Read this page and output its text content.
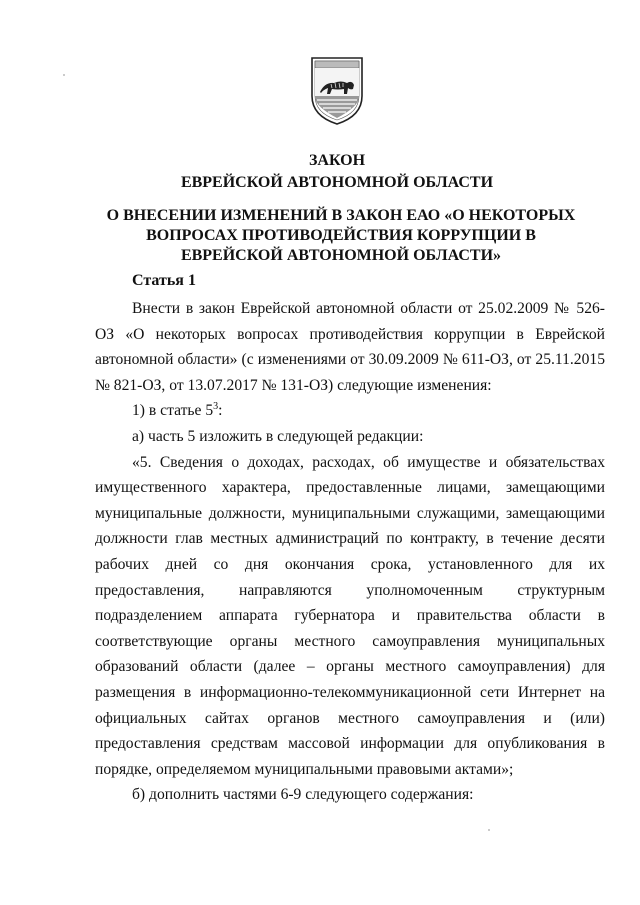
ЗАКОН
ЕВРЕЙСКОЙ АВТОНОМНОЙ ОБЛАСТИ
О ВНЕСЕНИИ ИЗМЕНЕНИЙ В ЗАКОН ЕАО «О НЕКОТОРЫХ ВОПРОСАХ ПРОТИВОДЕЙСТВИЯ КОРРУПЦИИ В ЕВРЕЙСКОЙ АВТОНОМНОЙ ОБЛАСТИ»
Статья 1

Внести в закон Еврейской автономной области от 25.02.2009 № 526-ОЗ «О некоторых вопросах противодействия коррупции в Еврейской автономной области» (с изменениями от 30.09.2009 № 611-ОЗ, от 25.11.2015 № 821-ОЗ, от 13.07.2017 № 131-ОЗ) следующие изменения:

1) в статье $5^3$:

а) часть 5 изложить в следующей редакции:

«5. Сведения о доходах, расходах, об имуществе и обязательствах имущественного характера, предоставленные лицами, замещающими муниципальные должности, муниципальными служащими, замещающими должности глав местных администраций по контракту, в течение десяти рабочих дней со дня окончания срока, установленного для их предоставления, направляются уполномоченным структурным подразделением аппарата губернатора и правительства области в соответствующие органы местного самоуправления муниципальных образований области (далее – органы местного самоуправления) для размещения в информационно-телекоммуникационной сети Интернет на официальных сайтах органов местного самоуправления и (или) предоставления средствам массовой информации для опубликования в порядке, определяемом муниципальными правовыми актами»;

б) дополнить частями 6-9 следующего содержания:
